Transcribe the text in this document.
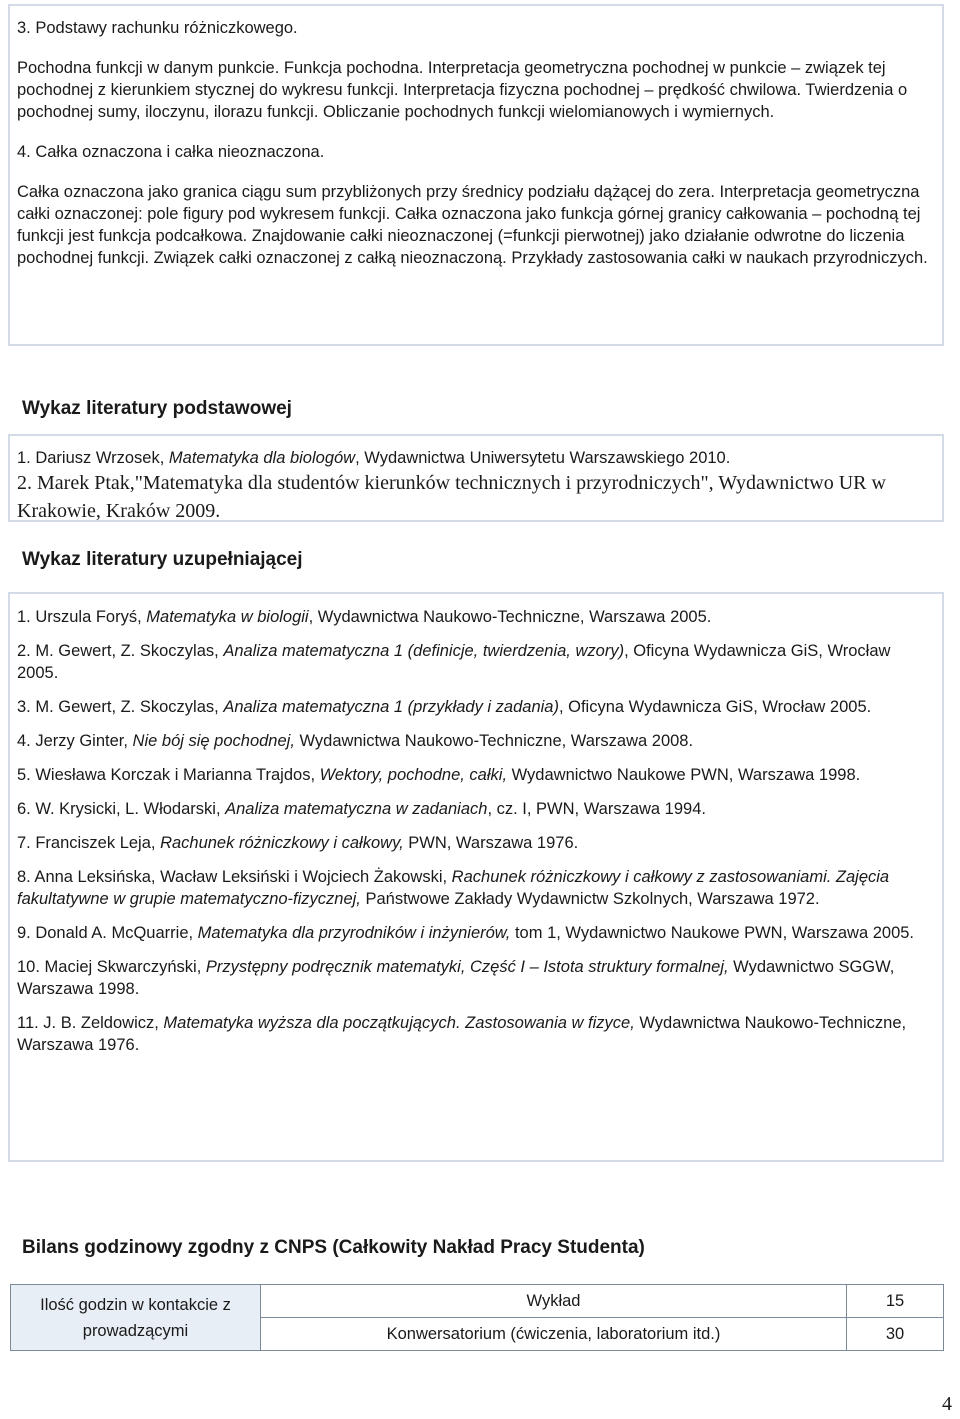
3. Podstawy rachunku różniczkowego.

Pochodna funkcji w danym punkcie. Funkcja pochodna. Interpretacja geometryczna pochodnej w punkcie – związek tej pochodnej z kierunkiem stycznej do wykresu funkcji. Interpretacja fizyczna pochodnej – prędkość chwilowa. Twierdzenia o pochodnej sumy, iloczynu, ilorazu funkcji. Obliczanie pochodnych funkcji wielomianowych i wymiernych.

4. Całka oznaczona i całka nieoznaczona.

Całka oznaczona jako granica ciągu sum przybliżonych przy średnicy podziału dążącej do zera. Interpretacja geometryczna całki oznaczonej: pole figury pod wykresem funkcji. Całka oznaczona jako funkcja górnej granicy całkowania – pochodną tej funkcji jest funkcja podcałkowa. Znajdowanie całki nieoznaczonej (=funkcji pierwotnej) jako działanie odwrotne do liczenia pochodnej funkcji. Związek całki oznaczonej z całką nieoznaczoną. Przykłady zastosowania całki w naukach przyrodniczych.

Wykaz literatury podstawowej

1. Dariusz Wrzosek, Matematyka dla biologów, Wydawnictwa Uniwersytetu Warszawskiego 2010.

2. Marek Ptak,"Matematyka dla studentów kierunków technicznych i przyrodniczych", Wydawnictwo UR w Krakowie, Kraków 2009.

Wykaz literatury uzupełniającej

1. Urszula Foryś, Matematyka w biologii, Wydawnictwa Naukowo-Techniczne, Warszawa 2005.

2. M. Gewert, Z. Skoczylas, Analiza matematyczna 1 (definicje, twierdzenia, wzory), Oficyna Wydawnicza GiS, Wrocław 2005.

3. M. Gewert, Z. Skoczylas, Analiza matematyczna 1 (przykłady i zadania), Oficyna Wydawnicza GiS, Wrocław 2005.

4. Jerzy Ginter, Nie bój się pochodnej, Wydawnictwa Naukowo-Techniczne, Warszawa 2008.

5. Wiesława Korczak i Marianna Trajdos, Wektory, pochodne, całki, Wydawnictwo Naukowe PWN, Warszawa 1998.

6. W. Krysicki, L. Włodarski, Analiza matematyczna w zadaniach, cz. I, PWN, Warszawa 1994.

7. Franciszek Leja, Rachunek różniczkowy i całkowy, PWN, Warszawa 1976.

8. Anna Leksińska, Wacław Leksiński i Wojciech Żakowski, Rachunek różniczkowy i całkowy z zastosowaniami. Zajęcia fakultatywne w grupie matematyczno-fizycznej, Państwowe Zakłady Wydawnictw Szkolnych, Warszawa 1972.

9. Donald A. McQuarrie, Matematyka dla przyrodników i inżynierów, tom 1, Wydawnictwo Naukowe PWN, Warszawa 2005.

10. Maciej Skwarczyński, Przystępny podręcznik matematyki, Część I – Istota struktury formalnej, Wydawnictwo SGGW, Warszawa 1998.

11. J. B. Zeldowicz, Matematyka wyższa dla początkujących. Zastosowania w fizyce, Wydawnictwa Naukowo-Techniczne, Warszawa 1976.

Bilans godzinowy zgodny z CNPS (Całkowity Nakład Pracy Studenta)
Ilość godzin w kontakcie z prowadzącymi	Wykład	15
	Konwersatorium (ćwiczenia, laboratorium itd.)	30
4
